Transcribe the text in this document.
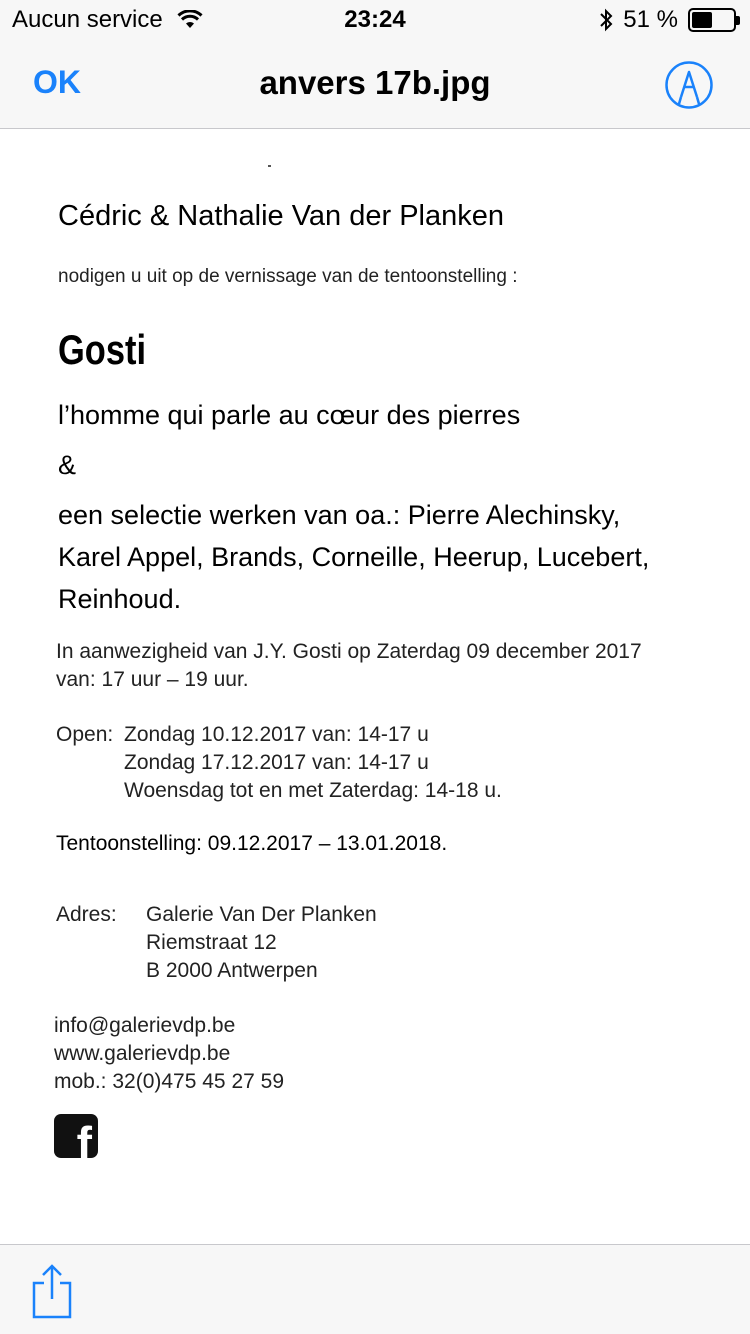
Aucun service	23:24	51 %
OK	anvers 17b.jpg

Cédric & Nathalie Van der Planken

nodigen u uit op de vernissage van de tentoonstelling :

Gosti

l’homme qui parle au cœur des pierres

&

een selectie werken van oa.: Pierre Alechinsky,

Karel Appel, Brands, Corneille, Heerup, Lucebert,

Reinhoud.

In aanwezigheid van J.Y. Gosti op Zaterdag 09 december 2017

van: 17 uur – 19 uur.

Open: Zondag 10.12.2017 van: 14-17 u

Zondag 17.12.2017 van: 14-17 u

Woensdag tot en met Zaterdag: 14-18 u.

Tentoonstelling: 09.12.2017 – 13.01.2018.

Adres: Galerie Van Der Planken

Riemstraat 12

B 2000 Antwerpen

info@galerievdp.be

www.galerievdp.be

mob.: 32(0)475 45 27 59

f
